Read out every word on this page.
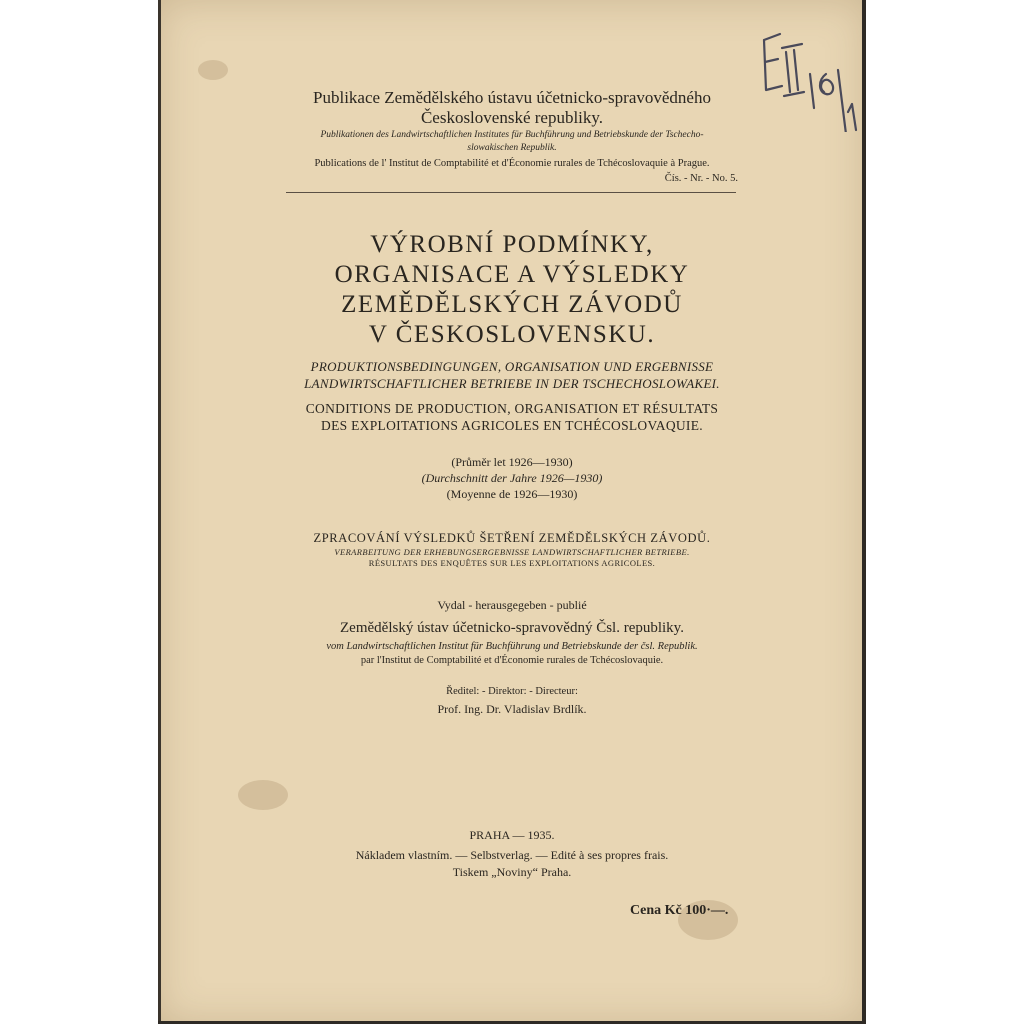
Publikace Zemědělského ústavu účetnicko-spravovědného
Československé republiky.
Publikationen des Landwirtschaftlichen Institutes für Buchführung und Betriebskunde der Tschecho-
slowakischen Republik.
Publications de l' Institut de Comptabilité et d'Économie rurales de Tchécoslovaquie à Prague.
Čís. - Nr. - No. 5.
VÝROBNÍ PODMÍNKY,
ORGANISACE A VÝSLEDKY
ZEMĚDĚLSKÝCH ZÁVODŮ
V ČESKOSLOVENSKU.
PRODUKTIONSBEDINGUNGEN, ORGANISATION UND ERGEBNISSE
LANDWIRTSCHAFTLICHER BETRIEBE IN DER TSCHECHOSLOWAKEI.
CONDITIONS DE PRODUCTION, ORGANISATION ET RÉSULTATS
DES EXPLOITATIONS AGRICOLES EN TCHÉCOSLOVAQUIE.
(Průměr let 1926—1930)
(Durchschnitt der Jahre 1926—1930)
(Moyenne de 1926—1930)
ZPRACOVÁNÍ VÝSLEDKŮ ŠETŘENÍ ZEMĚDĚLSKÝCH ZÁVODŮ.
VERARBEITUNG DER ERHEBUNGSERGEBNISSE LANDWIRTSCHAFTLICHER BETRIEBE.
RÉSULTATS DES ENQUÊTES SUR LES EXPLOITATIONS AGRICOLES.
Vydal - herausgegeben - publié
Zemědělský ústav účetnicko-spravovědný Čsl. republiky.
vom Landwirtschaftlichen Institut für Buchführung und Betriebskunde der čsl. Republik.
par l'Institut de Comptabilité et d'Économie rurales de Tchécoslovaquie.
Ředitel: - Direktor: - Directeur:
Prof. Ing. Dr. Vladislav Brdlík.
PRAHA — 1935.
Nákladem vlastním. — Selbstverlag. — Edité à ses propres frais.
Tiskem „Noviny“ Praha.
Cena Kč 100·—.
